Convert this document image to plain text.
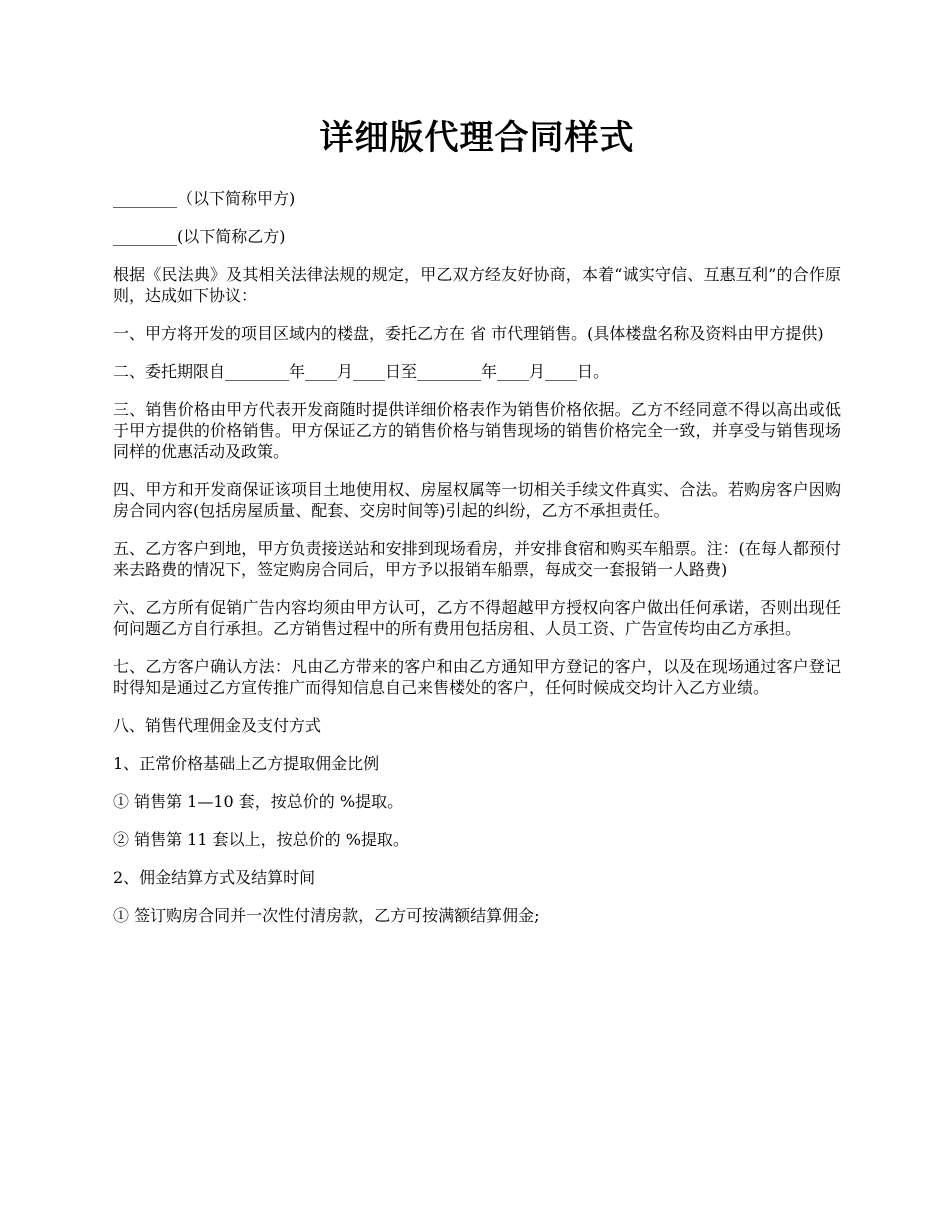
详细版代理合同样式

________（以下简称甲方)

________(以下简称乙方)

根据《民法典》及其相关法律法规的规定，甲乙双方经友好协商，本着“诚实守信、互惠互利”的合作原则，达成如下协议：

一、甲方将开发的项目区域内的楼盘，委托乙方在 省 市代理销售。(具体楼盘名称及资料由甲方提供)

二、委托期限自________年____月____日至________年____月____日。

三、销售价格由甲方代表开发商随时提供详细价格表作为销售价格依据。乙方不经同意不得以高出或低于甲方提供的价格销售。甲方保证乙方的销售价格与销售现场的销售价格完全一致，并享受与销售现场同样的优惠活动及政策。

四、甲方和开发商保证该项目土地使用权、房屋权属等一切相关手续文件真实、合法。若购房客户因购房合同内容(包括房屋质量、配套、交房时间等)引起的纠纷，乙方不承担责任。

五、乙方客户到地，甲方负责接送站和安排到现场看房，并安排食宿和购买车船票。注：(在每人都预付来去路费的情况下，签定购房合同后，甲方予以报销车船票，每成交一套报销一人路费)

六、乙方所有促销广告内容均须由甲方认可，乙方不得超越甲方授权向客户做出任何承诺，否则出现任何问题乙方自行承担。乙方销售过程中的所有费用包括房租、人员工资、广告宣传均由乙方承担。

七、乙方客户确认方法：凡由乙方带来的客户和由乙方通知甲方登记的客户，以及在现场通过客户登记时得知是通过乙方宣传推广而得知信息自己来售楼处的客户，任何时候成交均计入乙方业绩。

八、销售代理佣金及支付方式

1、正常价格基础上乙方提取佣金比例

① 销售第 1—10 套，按总价的 %提取。

② 销售第 11 套以上，按总价的 %提取。

2、佣金结算方式及结算时间

① 签订购房合同并一次性付清房款，乙方可按满额结算佣金;
